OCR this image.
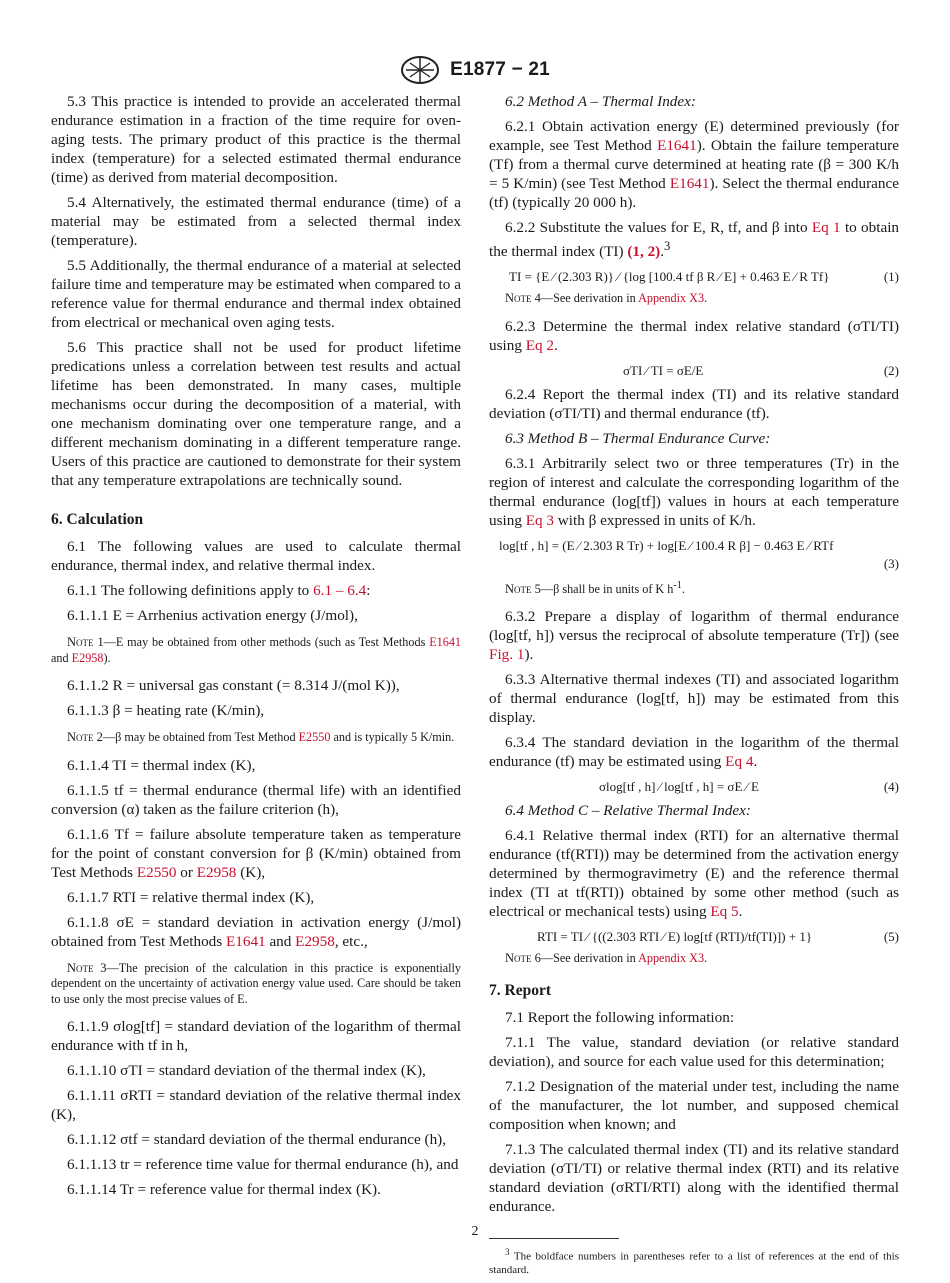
E1877 − 21

5.3 This practice is intended to provide an accelerated thermal endurance estimation in a fraction of the time require for oven-aging tests. The primary product of this practice is the thermal index (temperature) for a selected estimated thermal endurance (time) as derived from material decomposition.

5.4 Alternatively, the estimated thermal endurance (time) of a material may be estimated from a selected thermal index (temperature).

5.5 Additionally, the thermal endurance of a material at selected failure time and temperature may be estimated when compared to a reference value for thermal endurance and thermal index obtained from electrical or mechanical oven aging tests.

5.6 This practice shall not be used for product lifetime predications unless a correlation between test results and actual lifetime has been demonstrated. In many cases, multiple mechanisms occur during the decomposition of a material, with one mechanism dominating over one temperature range, and a different mechanism dominating in a different temperature range. Users of this practice are cautioned to demonstrate for their system that any temperature extrapolations are technically sound.

6. Calculation

6.1 The following values are used to calculate thermal endurance, thermal index, and relative thermal index.

6.1.1 The following definitions apply to 6.1 – 6.4:

6.1.1.1 E = Arrhenius activation energy (J/mol),

Note 1—E may be obtained from other methods (such as Test Methods E1641 and E2958).

6.1.1.2 R = universal gas constant (= 8.314 J/(mol K)),

6.1.1.3 β = heating rate (K/min),

Note 2—β may be obtained from Test Method E2550 and is typically 5 K/min.

6.1.1.4 TI = thermal index (K),

6.1.1.5 tf = thermal endurance (thermal life) with an identified conversion (α) taken as the failure criterion (h),

6.1.1.6 Tf = failure absolute temperature taken as temperature for the point of constant conversion for β (K/min) obtained from Test Methods E2550 or E2958 (K),

6.1.1.7 RTI = relative thermal index (K),

6.1.1.8 σE = standard deviation in activation energy (J/mol) obtained from Test Methods E1641 and E2958, etc.,

Note 3—The precision of the calculation in this practice is exponentially dependent on the uncertainty of activation energy value used. Care should be taken to use only the most precise values of E.

6.1.1.9 σlog[tf] = standard deviation of the logarithm of thermal endurance with tf in h,

6.1.1.10 σTI = standard deviation of the thermal index (K),

6.1.1.11 σRTI = standard deviation of the relative thermal index (K),

6.1.1.12 σtf = standard deviation of the thermal endurance (h),

6.1.1.13 tr = reference time value for thermal endurance (h), and

6.1.1.14 Tr = reference value for thermal index (K).

6.2 Method A – Thermal Index:

6.2.1 Obtain activation energy (E) determined previously (for example, see Test Method E1641). Obtain the failure temperature (Tf) from a thermal curve determined at heating rate (β = 300 K/h = 5 K/min) (see Test Method E1641). Select the thermal endurance (tf) (typically 20 000 h).

6.2.2 Substitute the values for E, R, tf, and β into Eq 1 to obtain the thermal index (TI) (1, 2).$^3$

TI = {E ⁄ (2.303 R)} ⁄ {log [100.4 tf β R ⁄ E] + 0.463 E ⁄ R Tf}	(1)

Note 4—See derivation in Appendix X3.

6.2.3 Determine the thermal index relative standard (σTI/TI) using Eq 2.

σTI ⁄ TI = σE/E	(2)

6.2.4 Report the thermal index (TI) and its relative standard deviation (σTI/TI) and thermal endurance (tf).

6.3 Method B – Thermal Endurance Curve:

6.3.1 Arbitrarily select two or three temperatures (Tr) in the region of interest and calculate the corresponding logarithm of the thermal endurance (log[tf]) values in hours at each temperature using Eq 3 with β expressed in units of K/h.

log[tf , h] = (E ⁄ 2.303 R Tr) + log[E ⁄ 100.4 R β] − 0.463 E ⁄ RTf
(3)

Note 5—β shall be in units of K $h^{-1}$.

6.3.2 Prepare a display of logarithm of thermal endurance (log[tf, h]) versus the reciprocal of absolute temperature (Tr]) (see Fig. 1).

6.3.3 Alternative thermal indexes (TI) and associated logarithm of thermal endurance (log[tf, h]) may be estimated from this display.

6.3.4 The standard deviation in the logarithm of the thermal endurance (tf) may be estimated using Eq 4.

σlog[tf , h] ⁄ log[tf , h] = σE ⁄ E	(4)

6.4 Method C – Relative Thermal Index:

6.4.1 Relative thermal index (RTI) for an alternative thermal endurance (tf(RTI)) may be determined from the activation energy determined by thermogravimetry (E) and the reference thermal index (TI at tf(RTI)) obtained by some other method (such as electrical or mechanical tests) using Eq 5.

RTI = TI ⁄ {((2.303 RTI ⁄ E) log[tf (RTI)/tf(TI)]) + 1}	(5)

Note 6—See derivation in Appendix X3.

7. Report

7.1 Report the following information:

7.1.1 The value, standard deviation (or relative standard deviation), and source for each value used for this determination;

7.1.2 Designation of the material under test, including the name of the manufacturer, the lot number, and supposed chemical composition when known; and

7.1.3 The calculated thermal index (TI) and its relative standard deviation (σTI/TI) or relative thermal index (RTI) and its relative standard deviation (σRTI/RTI) along with the identified thermal endurance.

$^3$ The boldface numbers in parentheses refer to a list of references at the end of this standard.

2
